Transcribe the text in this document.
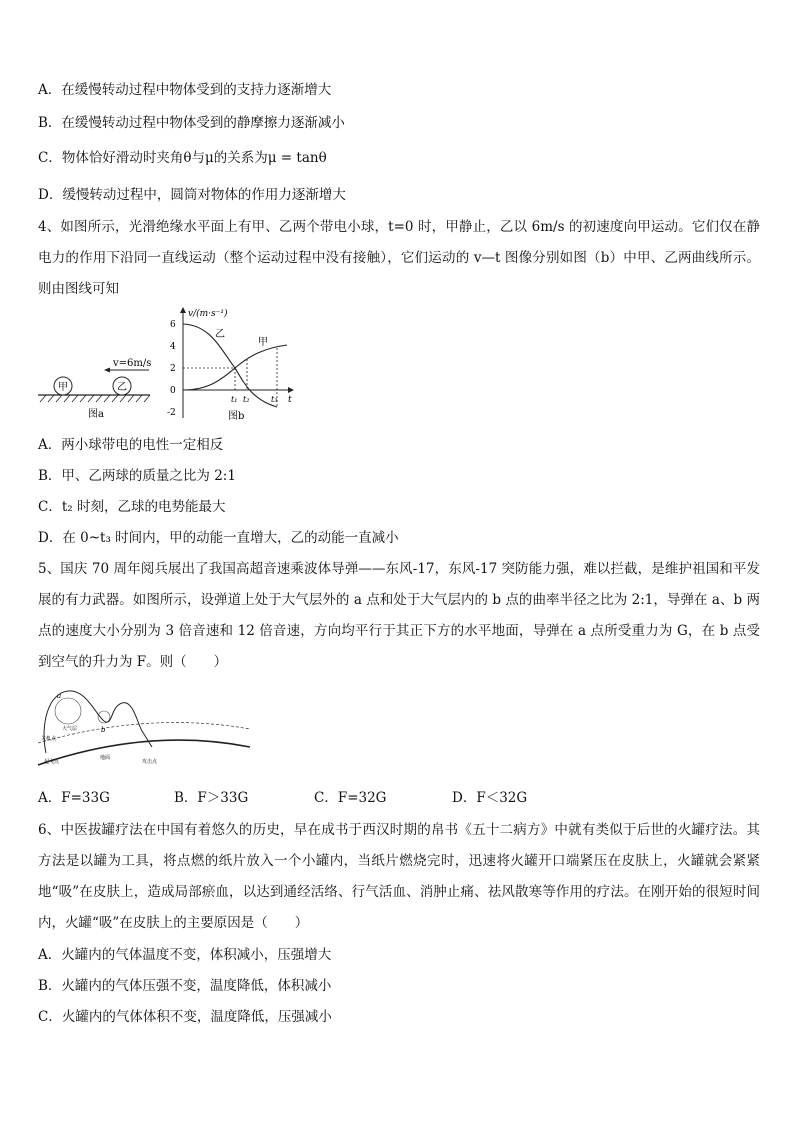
A．在缓慢转动过程中物体受到的支持力逐渐增大
B．在缓慢转动过程中物体受到的静摩擦力逐渐减小
C．物体恰好滑动时夹角θ与μ的关系为μ = tanθ
D．缓慢转动过程中，圆筒对物体的作用力逐渐增大
4、如图所示，光滑绝缘水平面上有甲、乙两个带电小球，t=0 时，甲静止，乙以 6m/s 的初速度向甲运动。它们仅在静电力的作用下沿同一直线运动（整个运动过程中没有接触），它们运动的 v—t 图像分别如图（b）中甲、乙两曲线所示。则由图线可知
甲	乙
v=6m/s
图a
v/(m·s⁻¹)
6
4
2
0
-2
乙
甲
t₁ t₂	t₃ t
图b
A．两小球带电的电性一定相反
B．甲、乙两球的质量之比为 2:1
C．t₂ 时刻，乙球的电势能最大
D．在 0~t₃ 时间内，甲的动能一直增大，乙的动能一直减小
5、国庆 70 周年阅兵展出了我国高超音速乘波体导弹——东风-17，东风-17 突防能力强，难以拦截，是维护祖国和平发展的有力武器。如图所示，设弹道上处于大气层外的 a 点和处于大气层内的 b 点的曲率半径之比为 2:1，导弹在 a、b 两点的速度大小分别为 3 倍音速和 12 倍音速，方向均平行于其正下方的水平地面，导弹在 a 点所受重力为 G，在 b 点受到空气的升力为 F。则（　　）
a
b
大气层
关机点
起飞点
地面
攻击点
A．F=33G	B．F＞33G	C．F=32G	D．F＜32G
6、中医拔罐疗法在中国有着悠久的历史，早在成书于西汉时期的帛书《五十二病方》中就有类似于后世的火罐疗法。其方法是以罐为工具，将点燃的纸片放入一个小罐内，当纸片燃烧完时，迅速将火罐开口端紧压在皮肤上，火罐就会紧紧地“吸”在皮肤上，造成局部瘀血，以达到通经活络、行气活血、消肿止痛、祛风散寒等作用的疗法。在刚开始的很短时间内，火罐“吸”在皮肤上的主要原因是（　　）
A．火罐内的气体温度不变，体积减小，压强增大
B．火罐内的气体压强不变，温度降低，体积减小
C．火罐内的气体体积不变，温度降低，压强减小
